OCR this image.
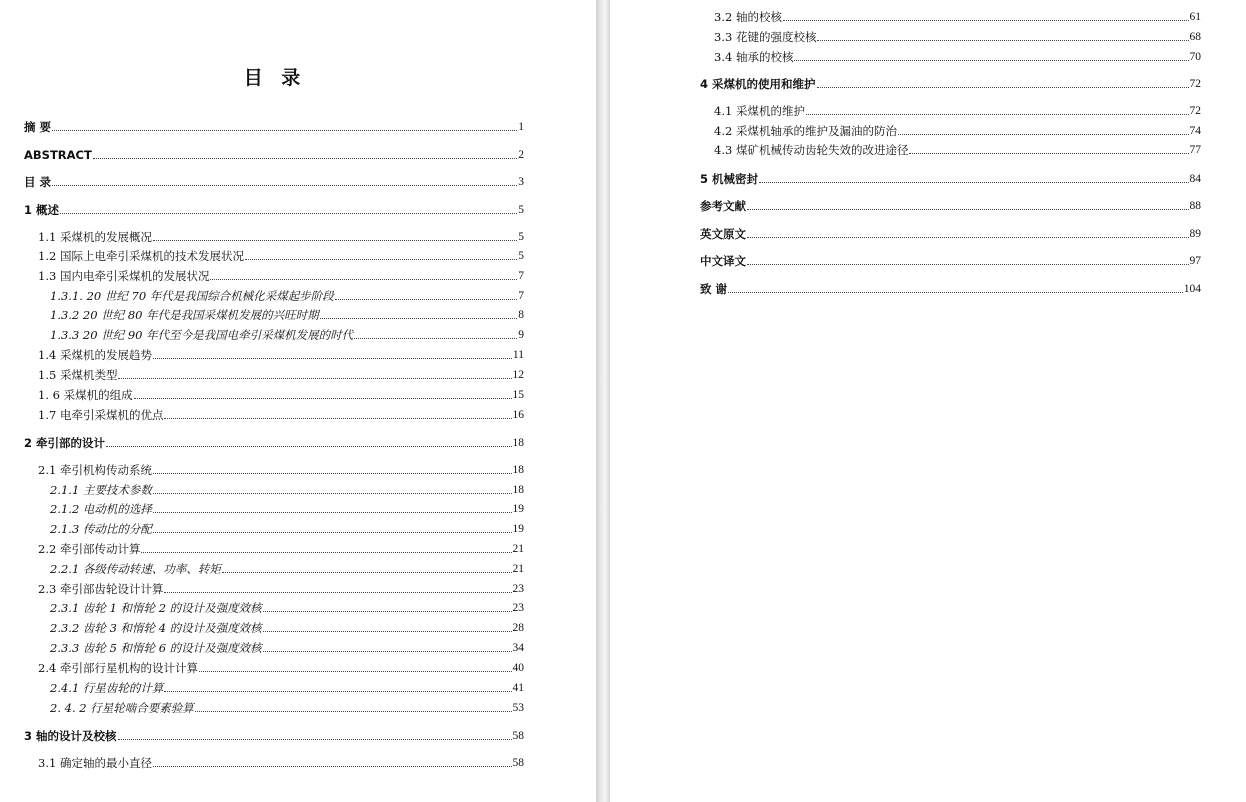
目 录
摘 要	1
ABSTRACT	2
目 录	3
1 概述	5
1.1 采煤机的发展概况	5
1.2 国际上电牵引采煤机的技术发展状况	5
1.3 国内电牵引采煤机的发展状况	7
1.3.1. 20 世纪 70 年代是我国综合机械化采煤起步阶段	7
1.3.2 20 世纪 80 年代是我国采煤机发展的兴旺时期	8
1.3.3 20 世纪 90 年代至今是我国电牵引采煤机发展的时代	9
1.4 采煤机的发展趋势	11
1.5 采煤机类型	12
1. 6 采煤机的组成	15
1.7 电牵引采煤机的优点	16
2 牵引部的设计	18
2.1 牵引机构传动系统	18
2.1.1 主要技术参数	18
2.1.2 电动机的选择	19
2.1.3 传动比的分配	19
2.2 牵引部传动计算	21
2.2.1 各级传动转速、功率、转矩	21
2.3 牵引部齿轮设计计算	23
2.3.1 齿轮 1 和惰轮 2 的设计及强度效核	23
2.3.2 齿轮 3 和惰轮 4 的设计及强度效核	28
2.3.3 齿轮 5 和惰轮 6 的设计及强度效核	34
2.4 牵引部行星机构的设计计算	40
2.4.1 行星齿轮的计算	41
2. 4. 2 行星轮啮合要素验算	53
3 轴的设计及校核	58
3.1 确定轴的最小直径	58
3.2 轴的校核	61
3.3 花键的强度校核	68
3.4 轴承的校核	70
4 采煤机的使用和维护	72
4.1 采煤机的维护	72
4.2 采煤机轴承的维护及漏油的防治	74
4.3 煤矿机械传动齿轮失效的改进途径	77
5 机械密封	84
参考文献	88
英文原文	89
中文译文	97
致 谢	104
